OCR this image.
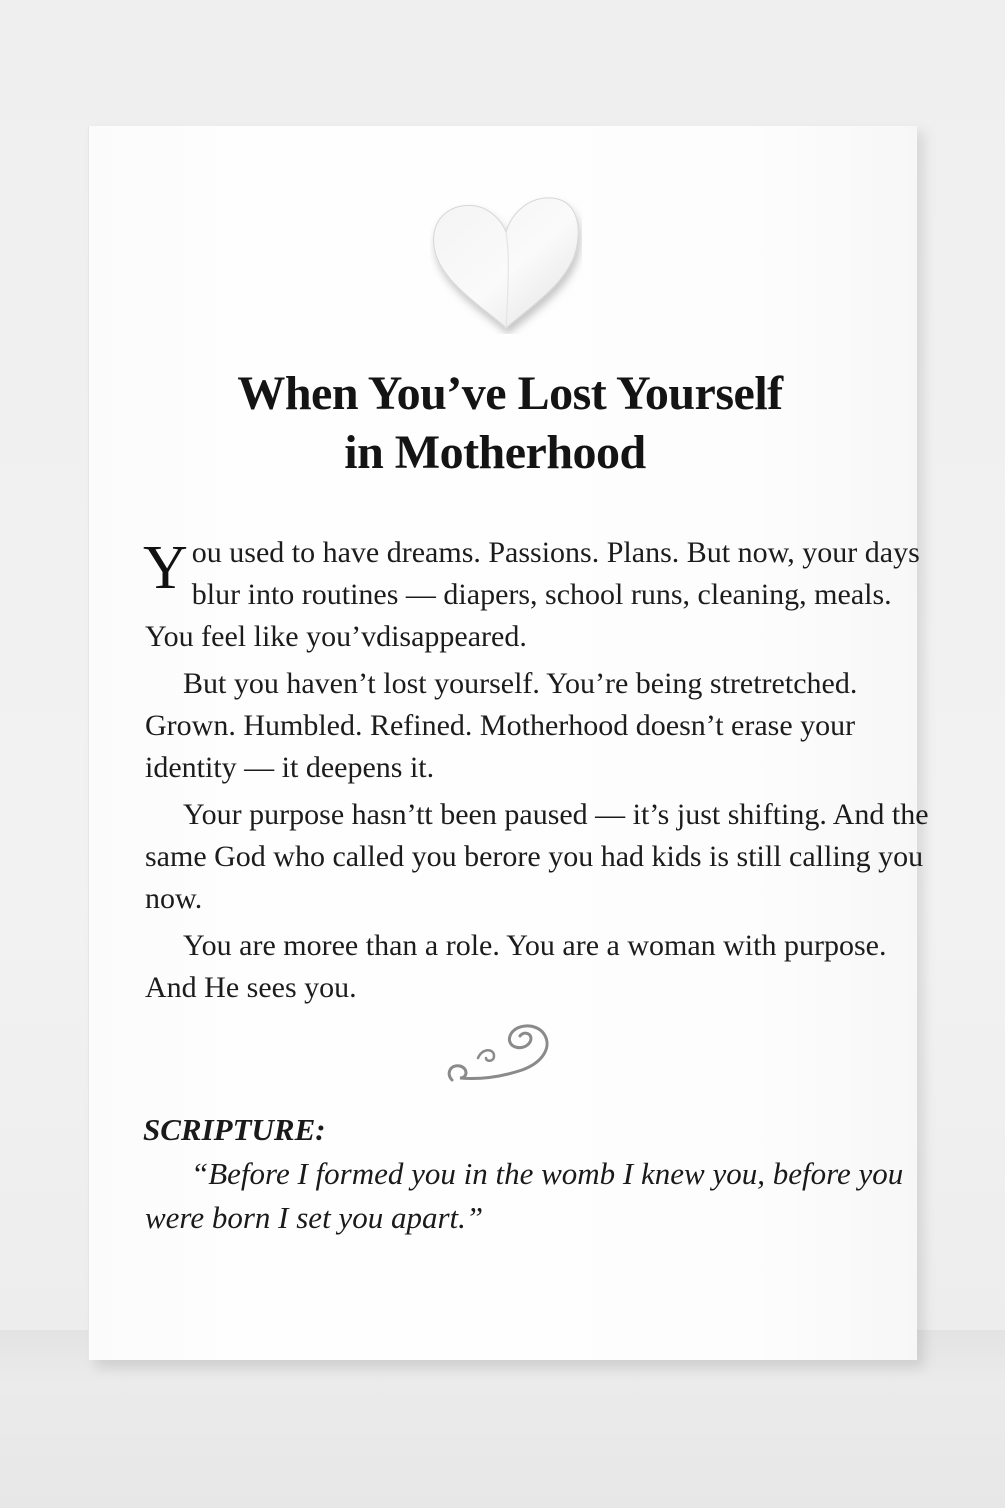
When You’ve Lost Yourself
in Motherhood

You used to have dreams. Passions. Plans. But now, your days blur into routines — diapers, school runs, cleaning, meals. You feel like you’vdisappeared.

But you haven’t lost yourself. You’re being stretretched. Grown. Humbled. Refined. Motherhood doesn’t erase your identity — it deepens it.

Your purpose hasn’tt been paused — it’s just shifting. And the same God who called you berore you had kids is still calling you now.

You are moree than a role. You are a woman with purpose. And He sees you.

SCRIPTURE:
“Before I formed you in the womb I knew you, before you were born I set you apart.”
